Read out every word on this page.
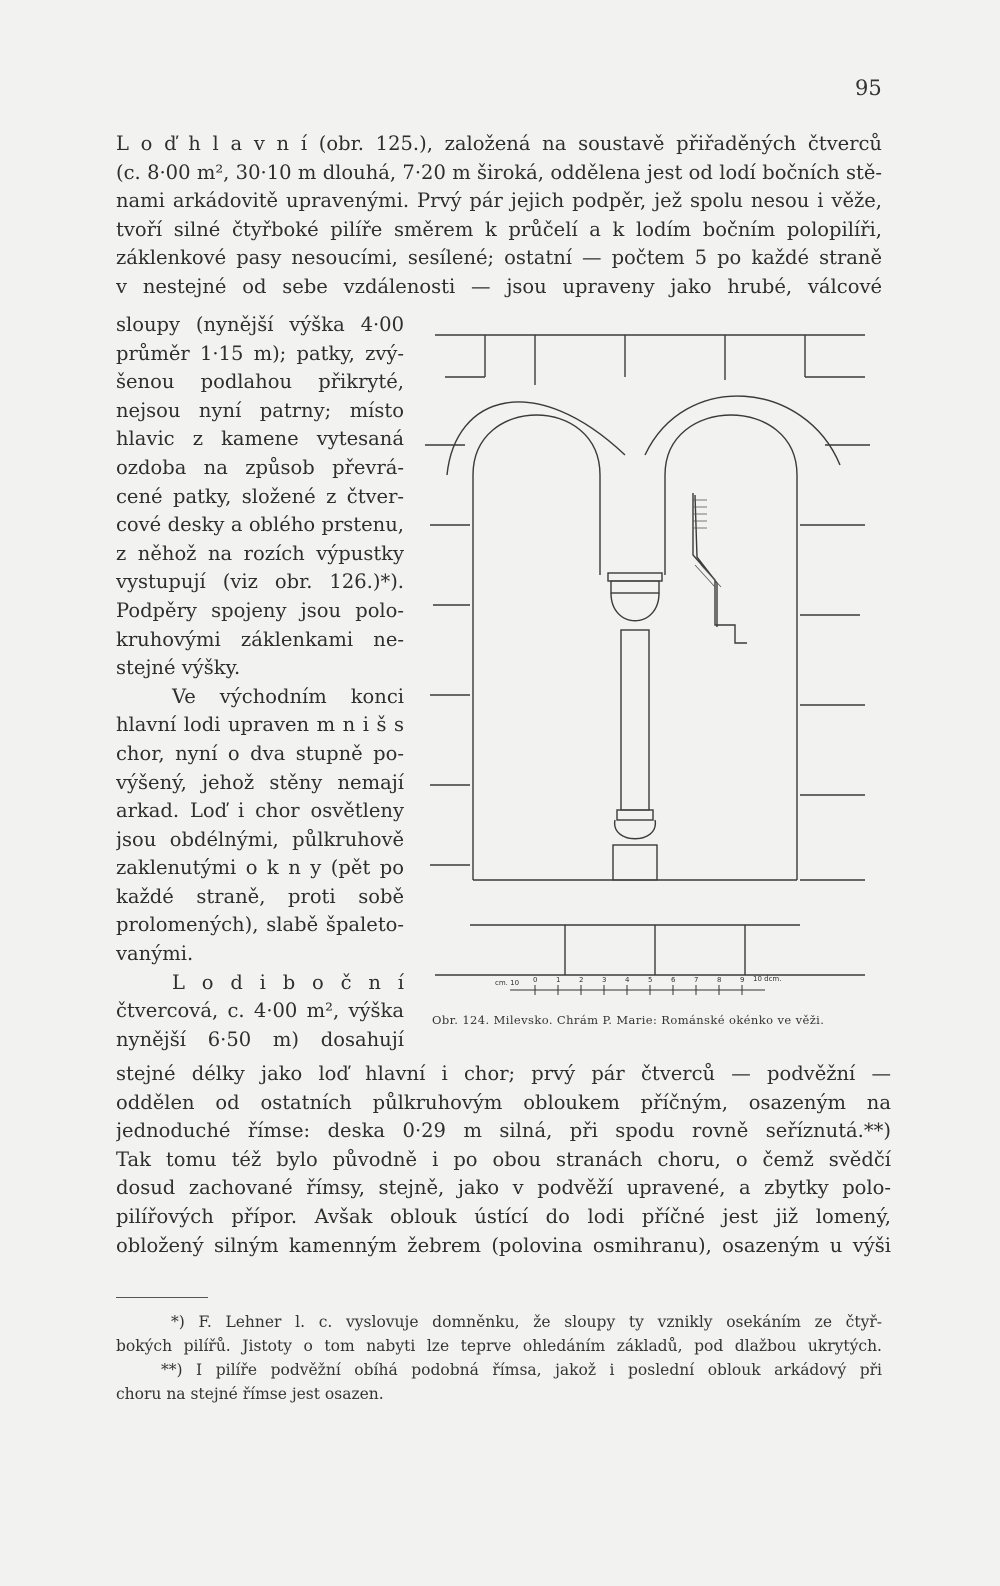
95
L o ď h l a v n í (obr. 125.), založená na soustavě přiřaděných čtverců
(c. 8·00 m², 30·10 m dlouhá, 7·20 m široká, oddělena jest od lodí bočních stě-
nami arkádovitě upravenými. Prvý pár jejich podpěr, jež spolu nesou i věže,
tvoří silné čtyřboké pilíře směrem k průčelí a k lodím bočním polopilíři,
záklenkové pasy nesoucími, sesílené; ostatní — počtem 5 po každé straně
v nestejné od sebe vzdálenosti — jsou upraveny jako hrubé, válcové
sloupy (nynější výška 4·00
průměr 1·15 m); patky, zvý-
šenou podlahou přikryté,
nejsou nyní patrny; místo
hlavic z kamene vytesaná
ozdoba na způsob převrá-
cené patky, složené z čtver-
cové desky a oblého prstenu,
z něhož na rozích výpustky
vystupují (viz obr. 126.)*).
Podpěry spojeny jsou polo-
kruhovými záklenkami ne-
stejné výšky.
Ve východním konci
hlavní lodi upraven m n i š s
chor, nyní o dva stupně po-
výšený, jehož stěny nemají
arkad. Loď i chor osvětleny
jsou obdélnými, půlkruhově
zaklenutými o k n y (pět po
každé straně, proti sobě
prolomených), slabě špaleto-
vanými.
L o d i b o č n í
čtvercová, c. 4·00 m², výška
nynější 6·50 m) dosahují
cm. 10	10 dcm.
0	1	2	3	4	5	6	7	8	9
Obr. 124. Milevsko. Chrám P. Marie: Románské okénko ve věži.
stejné délky jako loď hlavní i chor; prvý pár čtverců — podvěžní —
oddělen od ostatních půlkruhovým obloukem příčným, osazeným na
jednoduché římse: deska 0·29 m silná, při spodu rovně seříznutá.**)
Tak tomu též bylo původně i po obou stranách choru, o čemž svědčí
dosud zachované římsy, stejně, jako v podvěží upravené, a zbytky polo-
pilířových přípor. Avšak oblouk ústící do lodi příčné jest již lomený,
obložený silným kamenným žebrem (polovina osmihranu), osazeným u výši
*) F. Lehner l. c. vyslovuje domněnku, že sloupy ty vznikly osekáním ze čtyř-
bokých pilířů. Jistoty o tom nabyti lze teprve ohledáním základů, pod dlažbou ukrytých.
**) I pilíře podvěžní obíhá podobná římsa, jakož i poslední oblouk arkádový při
choru na stejné římse jest osazen.
